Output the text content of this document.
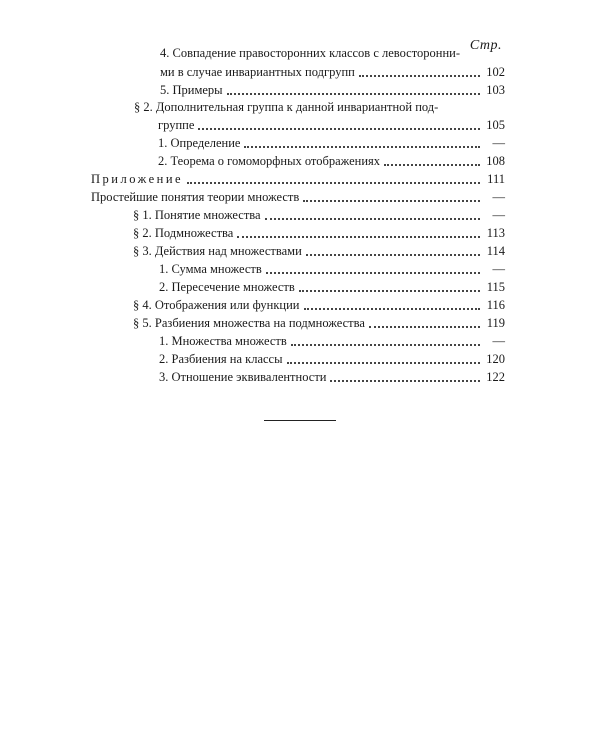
Стр.
4. Совпадение правосторонних классов с левосторонни-
ми в случае инвариантных подгрупп	102
5. Примеры	103
§ 2. Дополнительная группа к данной инвариантной под-
группе	105
1. Определение	—
2. Теорема о гомоморфных отображениях	108
Приложение	111
Простейшие понятия теории множеств	—
§ 1. Понятие множества	—
§ 2. Подмножества	113
§ 3. Действия над множествами	114
1. Сумма множеств	—
2. Пересечение множеств	115
§ 4. Отображения или функции	116
§ 5. Разбиения множества на подмножества	119
1. Множества множеств	—
2. Разбиения на классы	120
3. Отношение эквивалентности	122
